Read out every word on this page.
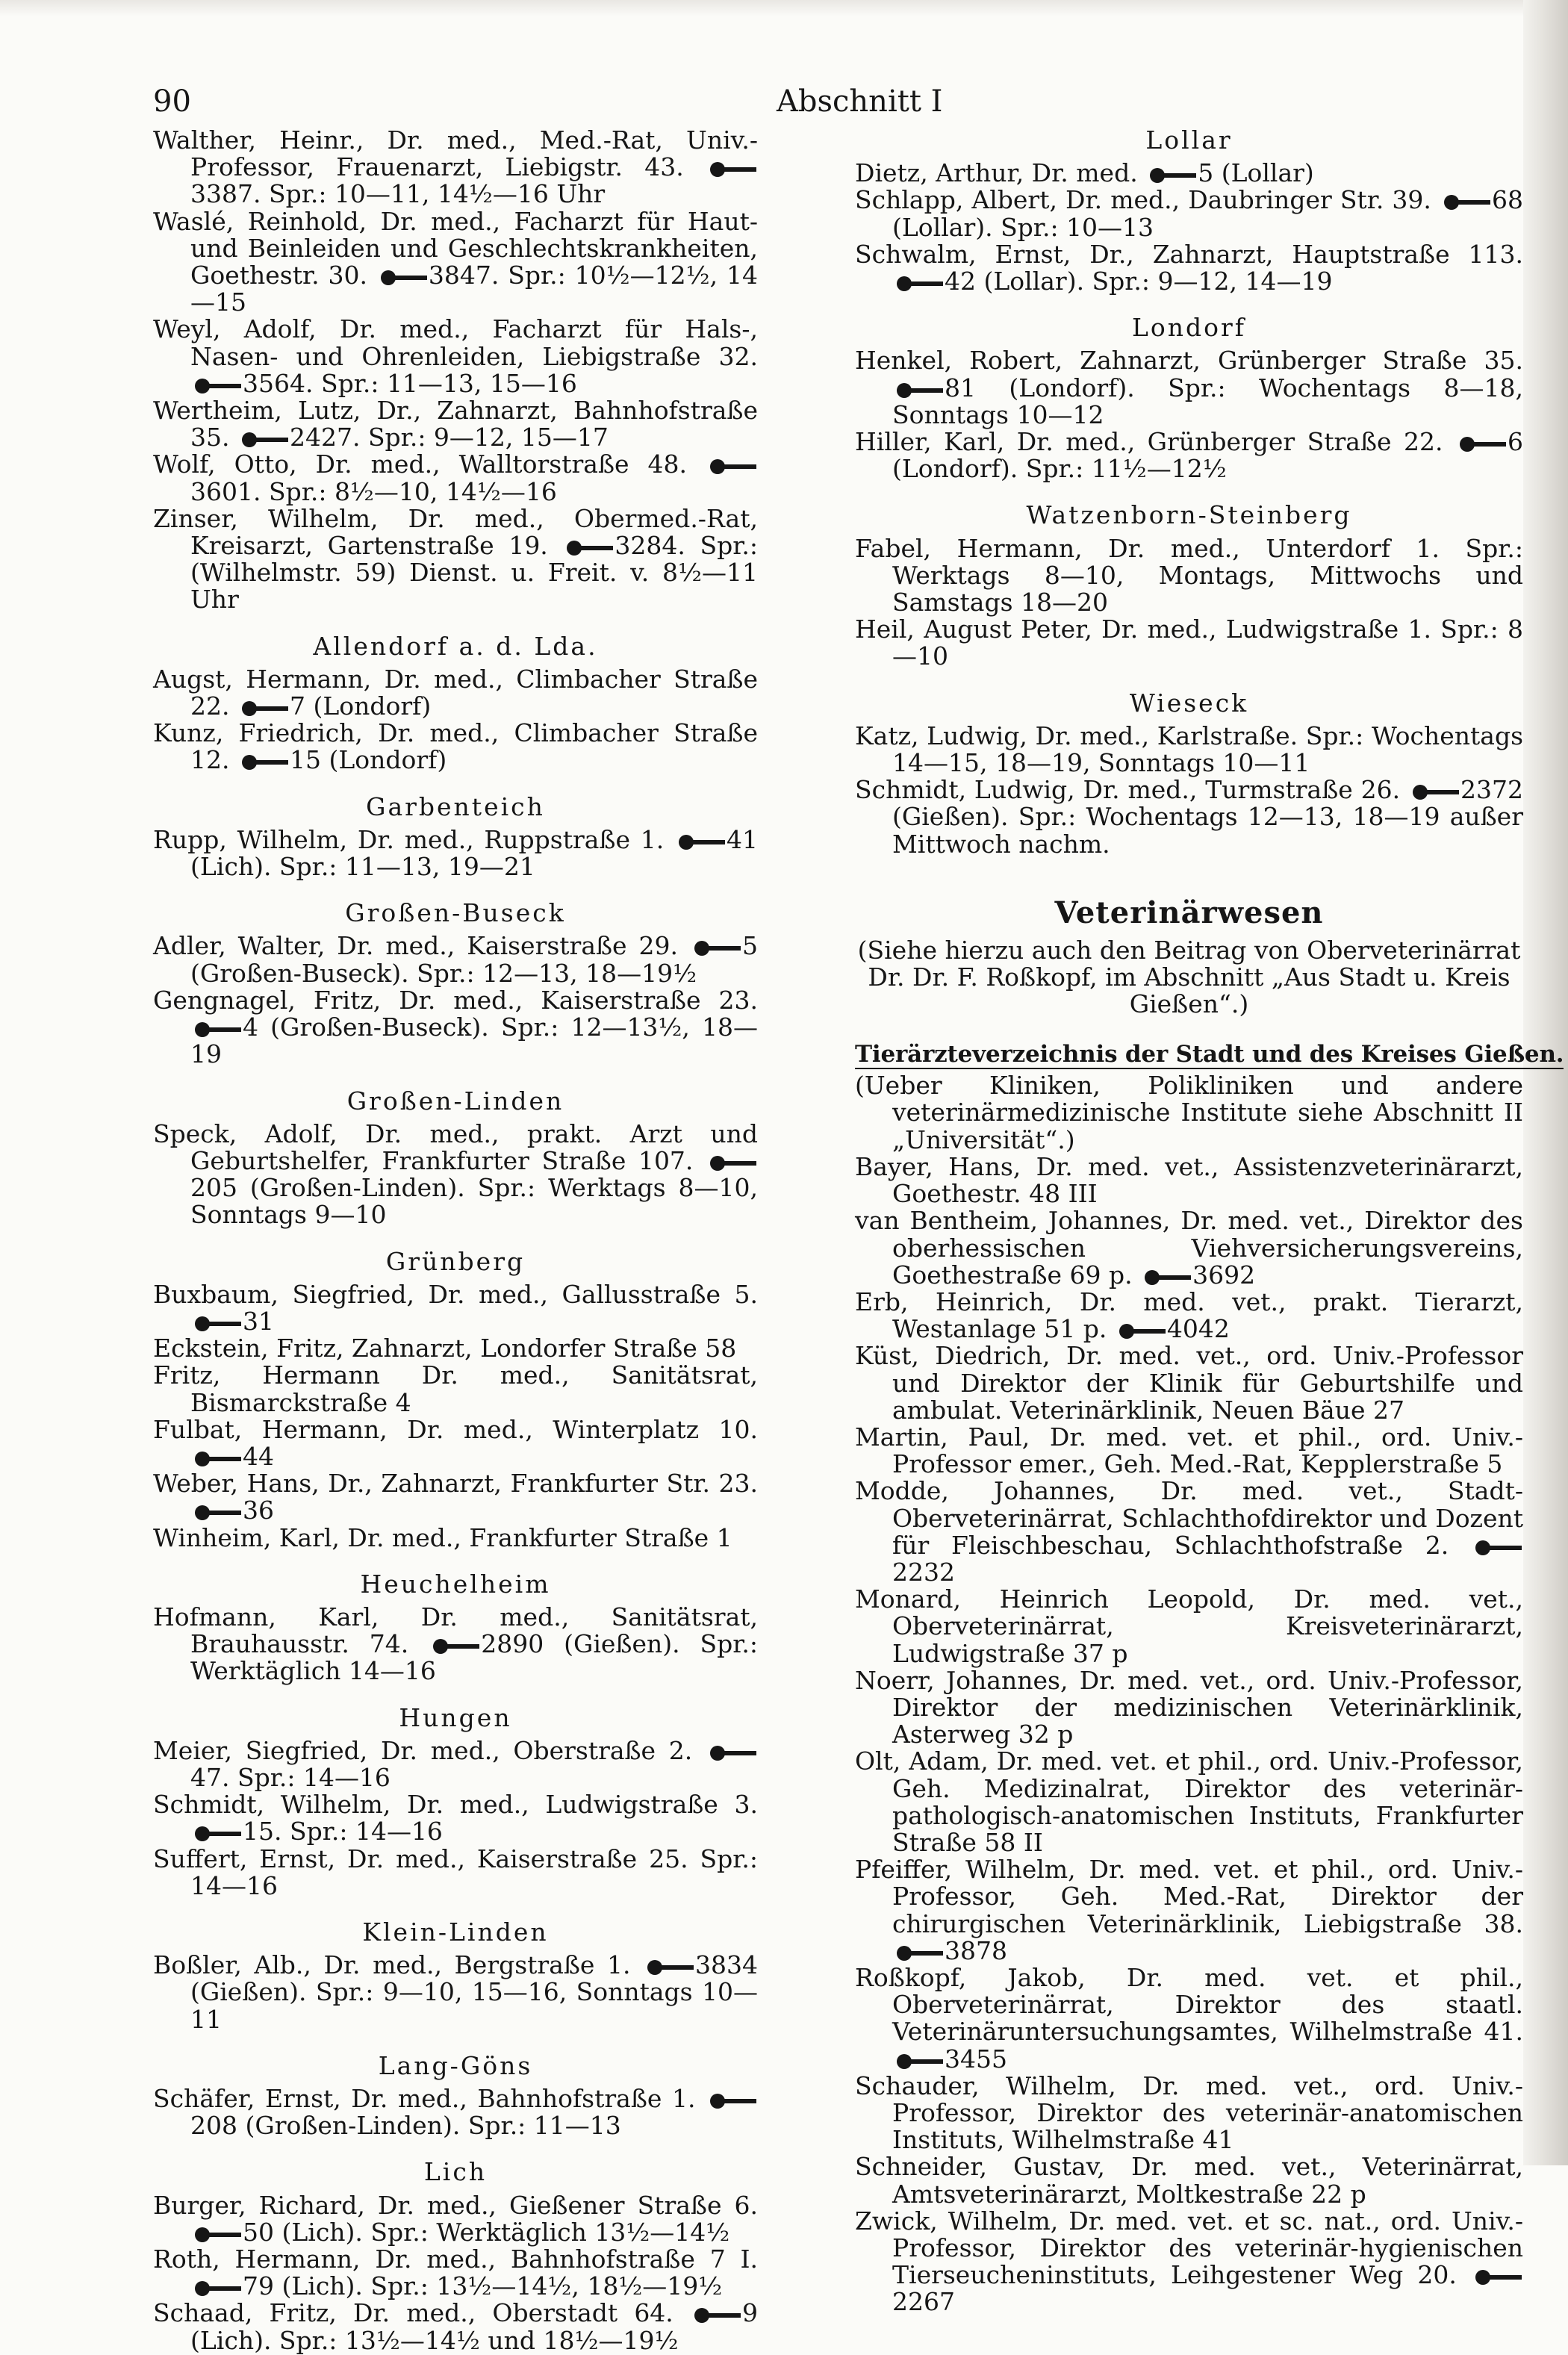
90	Abschnitt I
Walther, Heinr., Dr. med., Med.-Rat, Univ.-Professor, Frauenarzt, Liebigstr. 43. 3387. Spr.: 10—11, 14½—16 Uhr
Waslé, Reinhold, Dr. med., Facharzt für Haut- und Beinleiden und Geschlechtskrankheiten, Goethestr. 30. 3847. Spr.: 10½—12½, 14—15
Weyl, Adolf, Dr. med., Facharzt für Hals-, Nasen- und Ohrenleiden, Liebigstraße 32. 3564. Spr.: 11—13, 15—16
Wertheim, Lutz, Dr., Zahnarzt, Bahnhofstraße 35. 2427. Spr.: 9—12, 15—17
Wolf, Otto, Dr. med., Walltorstraße 48. 3601. Spr.: 8½—10, 14½—16
Zinser, Wilhelm, Dr. med., Obermed.-Rat, Kreisarzt, Gartenstraße 19.	3284. Spr.: (Wilhelmstr. 59) Dienst. u. Freit. v. 8½—11 Uhr
Allendorf a. d. Lda.
Augst, Hermann, Dr. med., Climbacher Straße 22. 7 (Londorf)
Kunz, Friedrich, Dr. med., Climbacher Straße 12. 15 (Londorf)
Garbenteich
Rupp, Wilhelm, Dr. med., Ruppstraße 1.	41 (Lich). Spr.: 11—13, 19—21
Großen-Buseck
Adler, Walter, Dr. med., Kaiserstraße 29.	5 (Großen-Buseck). Spr.: 12—13, 18—19½
Gengnagel, Fritz, Dr. med., Kaiserstraße 23. 4 (Großen-Buseck). Spr.: 12—13½, 18—19
Großen-Linden
Speck, Adolf, Dr. med., prakt. Arzt und Geburtshelfer, Frankfurter Straße 107. 205 (Großen-Linden). Spr.: Werktags 8—10, Sonntags 9—10
Grünberg
Buxbaum, Siegfried, Dr. med., Gallusstraße 5. 31
Eckstein, Fritz, Zahnarzt, Londorfer Straße 58
Fritz, Hermann Dr. med., Sanitätsrat, Bismarckstraße 4
Fulbat, Hermann, Dr. med., Winterplatz 10. 44
Weber, Hans, Dr., Zahnarzt, Frankfurter Str. 23. 36
Winheim, Karl, Dr. med., Frankfurter Straße 1
Heuchelheim
Hofmann, Karl, Dr. med., Sanitätsrat, Brauhausstr. 74.	2890 (Gießen). Spr.: Werktäglich 14—16
Hungen
Meier, Siegfried, Dr. med., Oberstraße 2. 47. Spr.: 14—16
Schmidt, Wilhelm, Dr. med., Ludwigstraße 3. 15. Spr.: 14—16
Suffert, Ernst, Dr. med., Kaiserstraße 25. Spr.: 14—16
Klein-Linden
Boßler, Alb., Dr. med., Bergstraße 1.	3834 (Gießen). Spr.: 9—10, 15—16, Sonntags 10—11
Lang-Göns
Schäfer, Ernst, Dr. med., Bahnhofstraße 1. 208 (Großen-Linden). Spr.: 11—13
Lich
Burger, Richard, Dr. med., Gießener Straße 6. 50 (Lich). Spr.: Werktäglich 13½—14½
Roth, Hermann, Dr. med., Bahnhofstraße 7 I. 79 (Lich). Spr.: 13½—14½, 18½—19½
Schaad, Fritz, Dr. med., Oberstadt 64.	9 (Lich). Spr.: 13½—14½ und 18½—19½
Lollar
Dietz, Arthur, Dr. med. 5 (Lollar)
Schlapp, Albert, Dr. med., Daubringer Str. 39. 68 (Lollar). Spr.: 10—13
Schwalm, Ernst, Dr., Zahnarzt, Hauptstraße 113. 42 (Lollar). Spr.: 9—12, 14—19
Londorf
Henkel, Robert, Zahnarzt, Grünberger Straße 35. 81 (Londorf). Spr.: Wochentags 8—18, Sonntags 10—12
Hiller, Karl, Dr. med., Grünberger Straße 22.	6 (Londorf). Spr.: 11½—12½
Watzenborn-Steinberg
Fabel, Hermann, Dr. med., Unterdorf 1. Spr.: Werktags 8—10, Montags, Mittwochs und Samstags 18—20
Heil, August Peter, Dr. med., Ludwigstraße 1. Spr.: 8—10
Wieseck
Katz, Ludwig, Dr. med., Karlstraße. Spr.: Wochentags 14—15, 18—19, Sonntags 10—11
Schmidt, Ludwig, Dr. med., Turmstraße 26. 2372 (Gießen). Spr.: Wochentags 12—13, 18—19 außer Mittwoch nachm.
Veterinärwesen
(Siehe hierzu auch den Beitrag von Oberveterinärrat Dr. Dr. F. Roßkopf, im Abschnitt „Aus Stadt u. Kreis Gießen“.)
Tierärzteverzeichnis der Stadt und des Kreises Gießen.
(Ueber Kliniken, Polikliniken und andere veterinärmedizinische Institute siehe Abschnitt II „Universität“.)
Bayer, Hans, Dr. med. vet., Assistenzveterinärarzt, Goethestr. 48 III
van Bentheim, Johannes, Dr. med. vet., Direktor des oberhessischen Viehversicherungsvereins, Goethestraße 69 p. 3692
Erb, Heinrich, Dr. med. vet., prakt. Tierarzt, Westanlage 51 p. 4042
Küst, Diedrich, Dr. med. vet., ord. Univ.-Professor und Direktor der Klinik für Geburtshilfe und ambulat. Veterinärklinik, Neuen Bäue 27
Martin, Paul, Dr. med. vet. et phil., ord. Univ.-Professor emer., Geh. Med.-Rat, Kepplerstraße 5
Modde, Johannes, Dr. med. vet., Stadt-Oberveterinärrat, Schlachthofdirektor und Dozent für Fleischbeschau, Schlachthofstraße 2. 2232
Monard, Heinrich Leopold, Dr. med. vet., Oberveterinärrat, Kreisveterinärarzt, Ludwigstraße 37 p
Noerr, Johannes, Dr. med. vet., ord. Univ.-Professor, Direktor der medizinischen Veterinärklinik, Asterweg 32 p
Olt, Adam, Dr. med. vet. et phil., ord. Univ.-Professor, Geh. Medizinalrat, Direktor des veterinär-pathologisch-anatomischen Instituts, Frankfurter Straße 58 II
Pfeiffer, Wilhelm, Dr. med. vet. et phil., ord. Univ.-Professor, Geh. Med.-Rat, Direktor der chirurgischen Veterinärklinik, Liebigstraße 38. 3878
Roßkopf, Jakob, Dr. med. vet. et phil., Oberveterinärrat, Direktor des staatl. Veterinäruntersuchungsamtes, Wilhelmstraße 41. 3455
Schauder, Wilhelm, Dr. med. vet., ord. Univ.-Professor, Direktor des veterinär-anatomischen Instituts, Wilhelmstraße 41
Schneider, Gustav, Dr. med. vet., Veterinärrat, Amtsveterinärarzt, Moltkestraße 22 p
Zwick, Wilhelm, Dr. med. vet. et sc. nat., ord. Univ.-Professor, Direktor des veterinär-hygienischen Tierseucheninstituts, Leihgestener Weg 20. 2267
